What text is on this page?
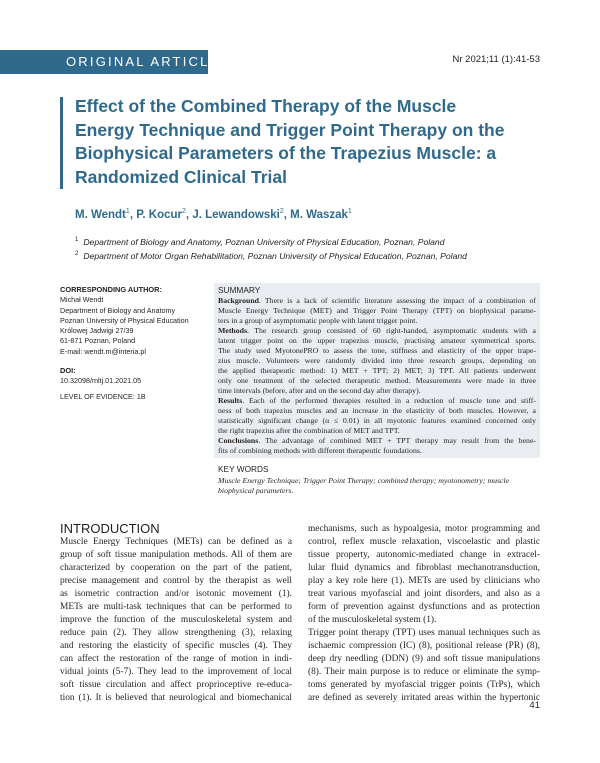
ORIGINAL ARTICLE	Nr 2021;11 (1):41-53
Effect of the Combined Therapy of the Muscle Energy Technique and Trigger Point Therapy on the Biophysical Parameters of the Trapezius Muscle: a Randomized Clinical Trial
M. Wendt$^1$, P. Kocur$^2$, J. Lewandowski$^2$, M. Waszak$^1$
$^1$ Department of Biology and Anatomy, Poznan University of Physical Education, Poznan, Poland
$^2$ Department of Motor Organ Rehabilitation, Poznan University of Physical Education, Poznan, Poland
CORRESPONDING AUTHOR:
Michał Wendt
Department of Biology and Anatomy
Poznan University of Physical Education
Królowej Jadwigi 27/39
61-871 Poznan, Poland
E-mail: wendt.m@interia.pl
DOI:
10.32098/mltj.01.2021.05
LEVEL OF EVIDENCE: 1B
SUMMARY
Background. There is a lack of scientific literature assessing the impact of a combination of
Muscle Energy Technique (MET) and Trigger Point Therapy (TPT) on biophysical parame-
ters in a group of asymptomatic people with latent trigger point.
Methods. The research group consisted of 60 right-handed, asymptomatic students with a
latent trigger point on the upper trapezius muscle, practising amateur symmetrical sports.
The study used MyotonePRO to assess the tone, stiffness and elasticity of the upper trape-
zius muscle. Volunteers were randomly divided into three research groups, depending on
the applied therapeutic method: 1) MET + TPT; 2) MET; 3) TPT. All patients underwent
only one treatment of the selected therapeutic method. Measurements were made in three
time intervals (before, after and on the second day after therapy).
Results. Each of the performed therapies resulted in a reduction of muscle tone and stiff-
ness of both trapezius muscles and an increase in the elasticity of both muscles. However, a
statistically significant change (α ≤ 0.01) in all myotonic features examined concerned only
the right trapezius after the combination of MET and TPT.
Conclusions. The advantage of combined MET + TPT therapy may result from the bene-
fits of combining methods with different therapeutic foundations.
KEY WORDS
Muscle Energy Technique; Trigger Point Therapy; combined therapy; myotonometry; muscle biophysical parameters.
INTRODUCTION
Muscle Energy Techniques (METs) can be defined as a
group of soft tissue manipulation methods. All of them are
characterized by cooperation on the part of the patient,
precise management and control by the therapist as well
as isometric contraction and/or isotonic movement (1).
METs are multi-task techniques that can be performed to
improve the function of the musculoskeletal system and
reduce pain (2). They allow strengthening (3), relaxing
and restoring the elasticity of specific muscles (4). They
can affect the restoration of the range of motion in indi-
vidual joints (5-7). They lead to the improvement of local
soft tissue circulation and affect proprioceptive re-educa-
tion (1). It is believed that neurological and biomechanical
mechanisms, such as hypoalgesia, motor programming and
control, reflex muscle relaxation, viscoelastic and plastic
tissue property, autonomic-mediated change in extracel-
lular fluid dynamics and fibroblast mechanotransduction,
play a key role here (1). METs are used by clinicians who
treat various myofascial and joint disorders, and also as a
form of prevention against dysfunctions and as protection
of the musculoskeletal system (1).
Trigger point therapy (TPT) uses manual techniques such as
ischaemic compression (IC) (8), positional release (PR) (8),
deep dry needling (DDN) (9) and soft tissue manipulations
(8). Their main purpose is to reduce or eliminate the symp-
toms generated by myofascial trigger points (TrPs), which
are defined as severely irritated areas within the hypertonic
41
